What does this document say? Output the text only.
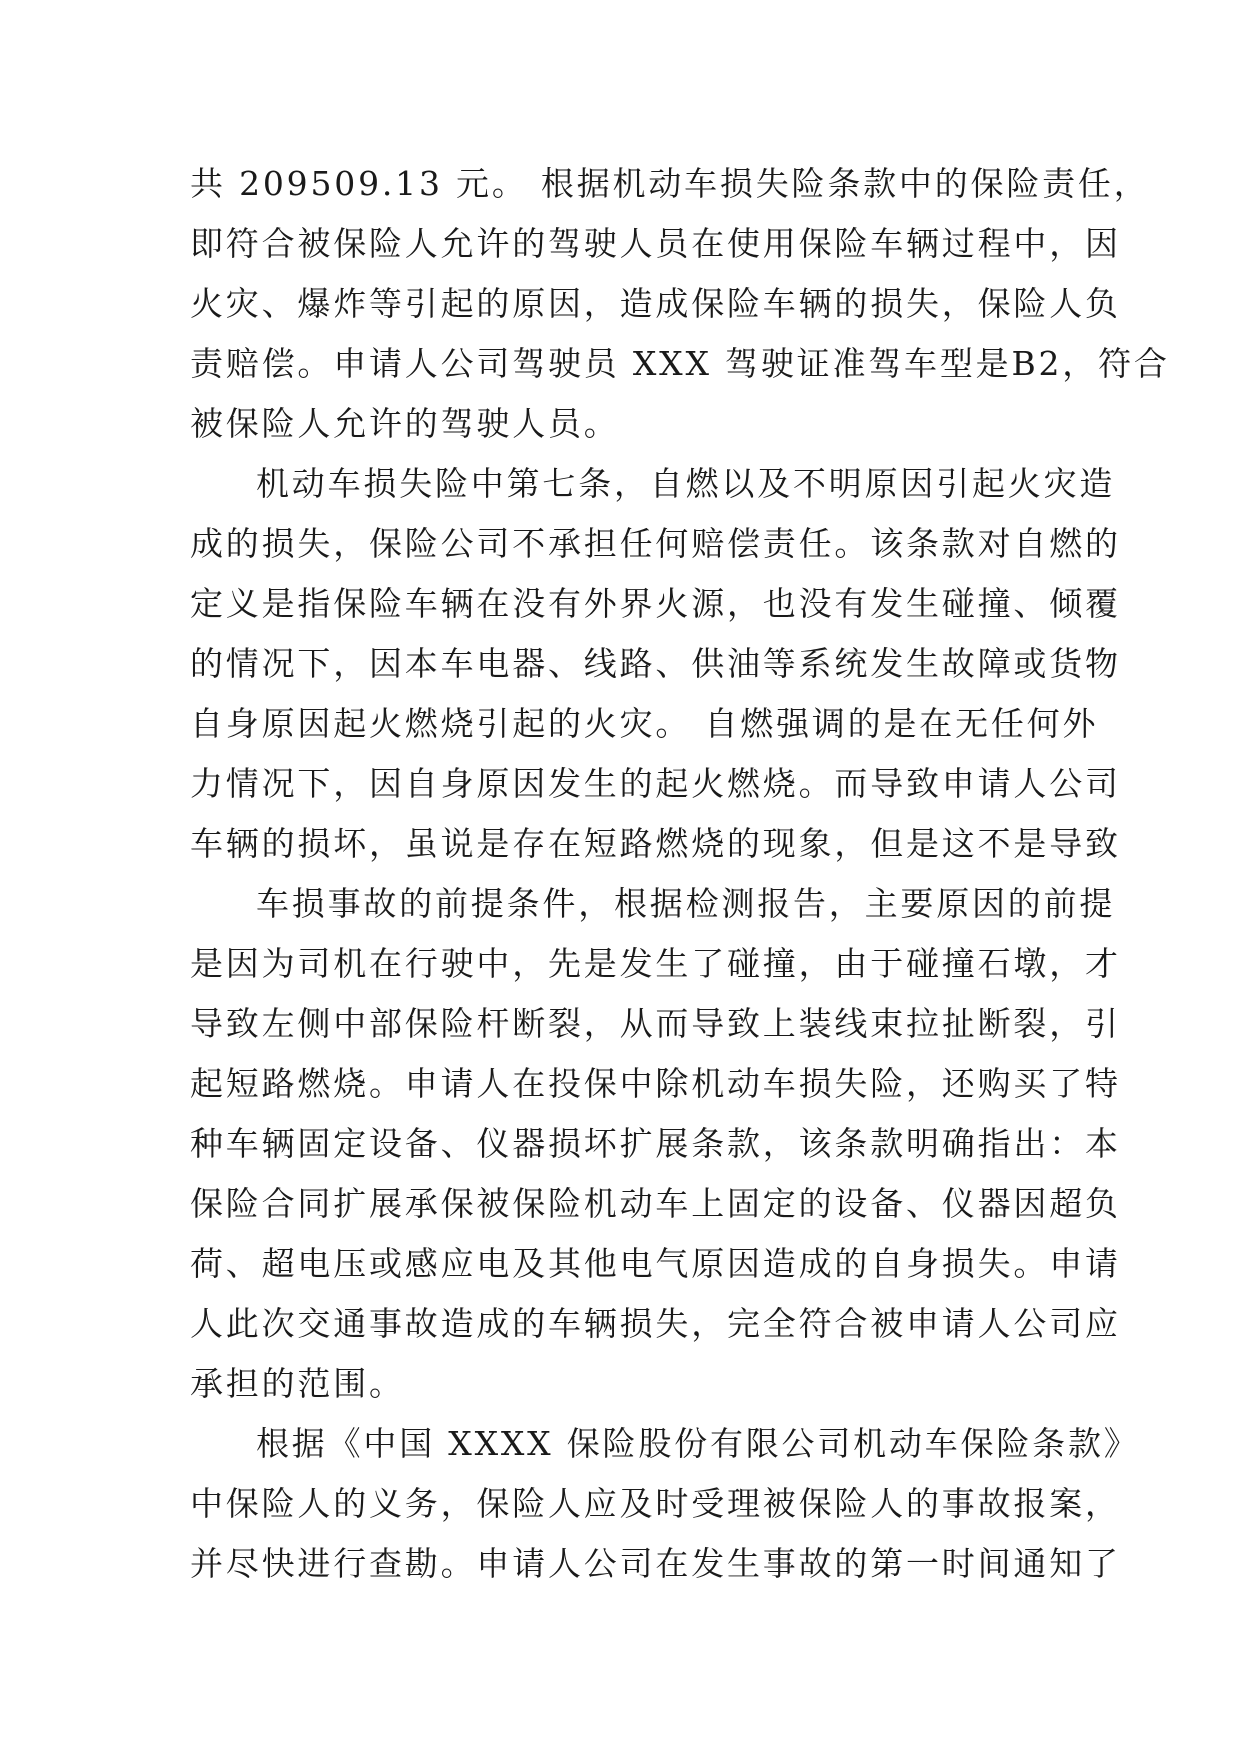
共 209509.13 元。 根据机动车损失险条款中的保险责任，
即符合被保险人允许的驾驶人员在使用保险车辆过程中，因
火灾、爆炸等引起的原因，造成保险车辆的损失，保险人负
责赔偿。申请人公司驾驶员 XXX 驾驶证准驾车型是B2，符合
被保险人允许的驾驶人员。
机动车损失险中第七条，自燃以及不明原因引起火灾造
成的损失，保险公司不承担任何赔偿责任。该条款对自燃的
定义是指保险车辆在没有外界火源，也没有发生碰撞、倾覆
的情况下，因本车电器、线路、供油等系统发生故障或货物
自身原因起火燃烧引起的火灾。 自燃强调的是在无任何外
力情况下，因自身原因发生的起火燃烧。而导致申请人公司
车辆的损坏，虽说是存在短路燃烧的现象，但是这不是导致
车损事故的前提条件，根据检测报告，主要原因的前提
是因为司机在行驶中，先是发生了碰撞，由于碰撞石墩，才
导致左侧中部保险杆断裂，从而导致上装线束拉扯断裂，引
起短路燃烧。申请人在投保中除机动车损失险，还购买了特
种车辆固定设备、仪器损坏扩展条款，该条款明确指出：本
保险合同扩展承保被保险机动车上固定的设备、仪器因超负
荷、超电压或感应电及其他电气原因造成的自身损失。申请
人此次交通事故造成的车辆损失，完全符合被申请人公司应
承担的范围。
根据《中国 XXXX 保险股份有限公司机动车保险条款》
中保险人的义务，保险人应及时受理被保险人的事故报案，
并尽快进行查勘。申请人公司在发生事故的第一时间通知了
